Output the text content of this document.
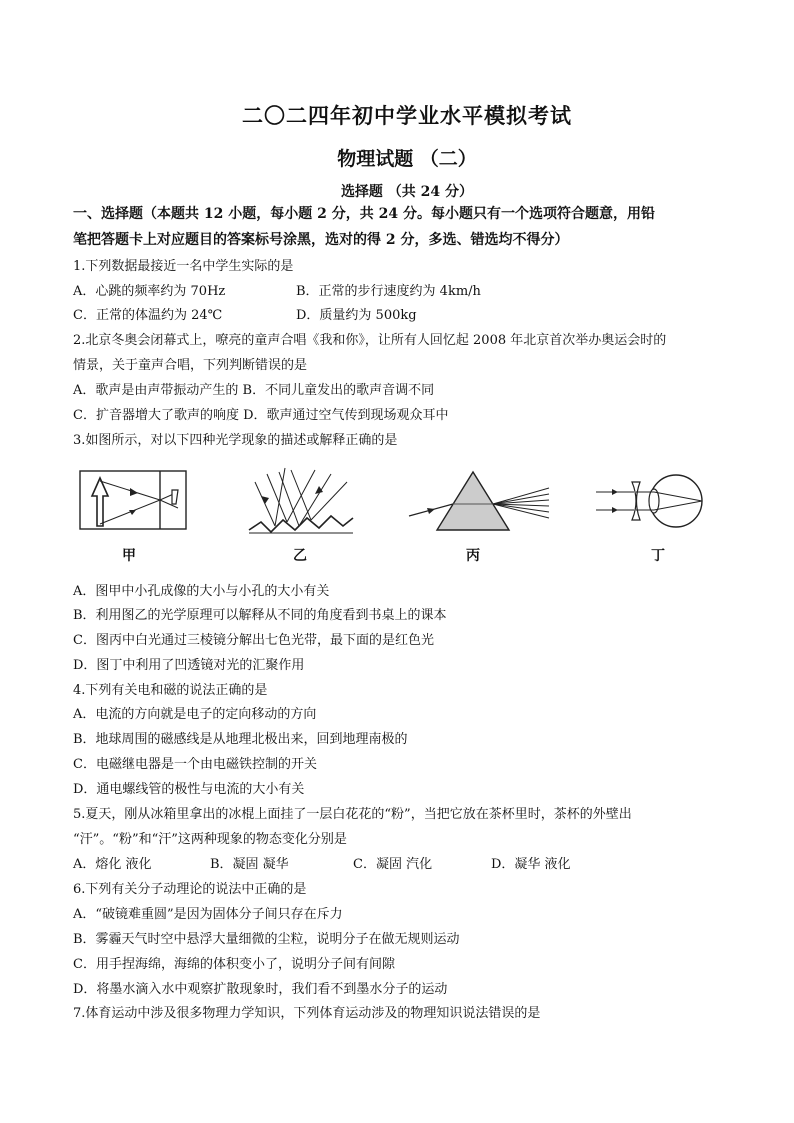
二〇二四年初中学业水平模拟考试
物理试题 （二）
选择题 （共 24 分）
一、选择题（本题共 12 小题，每小题 2 分，共 24 分。每小题只有一个选项符合题意，用铅
笔把答题卡上对应题目的答案标号涂黑，选对的得 2 分，多选、错选均不得分）
1.下列数据最接近一名中学生实际的是
A．心跳的频率约为 70Hz	B．正常的步行速度约为 4km/h
C．正常的体温约为 24℃	D．质量约为 500kg
2.北京冬奥会闭幕式上，嘹亮的童声合唱《我和你》，让所有人回忆起 2008 年北京首次举办奥运会时的
情景，关于童声合唱，下列判断错误的是
A．歌声是由声带振动产生的 B．不同儿童发出的歌声音调不同
C．扩音器增大了歌声的响度 D．歌声通过空气传到现场观众耳中
3.如图所示，对以下四种光学现象的描述或解释正确的是
甲	乙	丙	丁
A．图甲中小孔成像的大小与小孔的大小有关
B．利用图乙的光学原理可以解释从不同的角度看到书桌上的课本
C．图丙中白光通过三棱镜分解出七色光带，最下面的是红色光
D．图丁中利用了凹透镜对光的汇聚作用
4.下列有关电和磁的说法正确的是
A．电流的方向就是电子的定向移动的方向
B．地球周围的磁感线是从地理北极出来，回到地理南极的
C．电磁继电器是一个由电磁铁控制的开关
D．通电螺线管的极性与电流的大小有关
5.夏天，刚从冰箱里拿出的冰棍上面挂了一层白花花的“粉”，当把它放在茶杯里时，茶杯的外壁出
“汗”。“粉”和“汗”这两种现象的物态变化分别是
A．熔化 液化	B．凝固 凝华	C．凝固 汽化	D．凝华 液化
6.下列有关分子动理论的说法中正确的是
A．“破镜难重圆”是因为固体分子间只存在斥力
B．雾霾天气时空中悬浮大量细微的尘粒，说明分子在做无规则运动
C．用手捏海绵，海绵的体积变小了，说明分子间有间隙
D．将墨水滴入水中观察扩散现象时，我们看不到墨水分子的运动
7.体育运动中涉及很多物理力学知识，下列体育运动涉及的物理知识说法错误的是
